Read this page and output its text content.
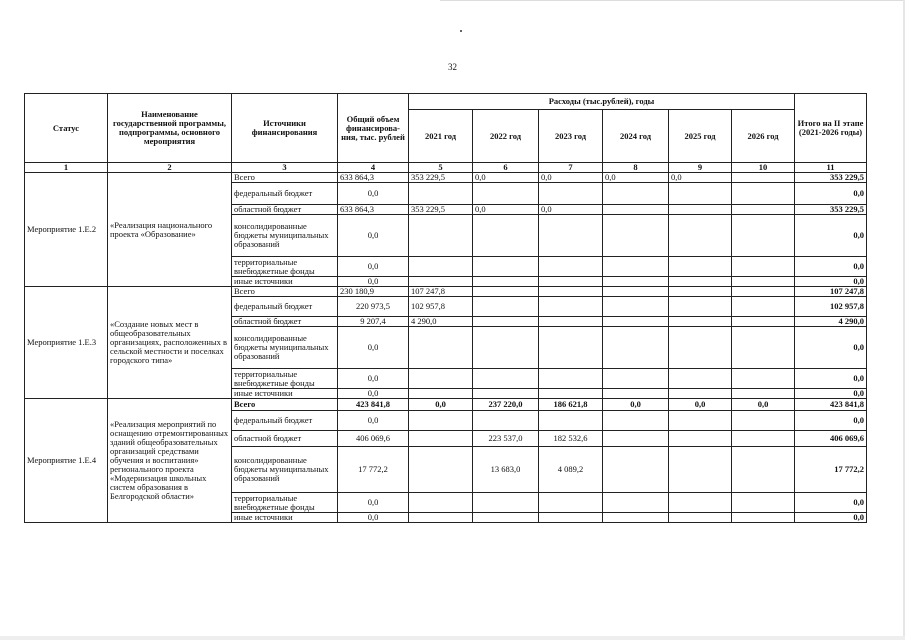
32
Статус	Наименование государственной программы, подпрограммы, основного мероприятия	Источники финансирования	Общий объем финансирова-ния, тыс. рублей	Расходы (тыс.рублей), годы						Итого на II этапе (2021-2026 годы)
				2021 год	2022 год	2023 год	2024 год	2025 год	2026 год	
1	2	3	4	5	6	7	8	9	10	11
Мероприятие 1.E.2	«Реализация национального проекта «Образование»	Всего	633 864,3	353 229,5	0,0	0,0	0,0	0,0		353 229,5
		федеральный бюджет	0,0							0,0
		областной бюджет	633 864,3	353 229,5	0,0	0,0				353 229,5
		консолидированные бюджеты муниципальных образований	0,0							0,0
		территориальные внебюджетные фонды	0,0							0,0
		иные источники	0,0							0,0
Мероприятие 1.E.3	«Создание новых мест в общеобразовательных организациях, расположенных в сельской местности и поселках городского типа»	Всего	230 180,9	107 247,8						107 247,8
		федеральный бюджет	220 973,5	102 957,8						102 957,8
		областной бюджет	9 207,4	4 290,0						4 290,0
		консолидированные бюджеты муниципальных образований	0,0							0,0
		территориальные внебюджетные фонды	0,0							0,0
		иные источники	0,0							0,0
Мероприятие 1.E.4	«Реализация мероприятий по оснащению отремонтированных зданий общеобразовательных организаций средствами обучения и воспитания» регионального проекта «Модернизация школьных систем образования в Белгородской области»	Всего	423 841,8	0,0	237 220,0	186 621,8	0,0	0,0	0,0	423 841,8
		федеральный бюджет	0,0							0,0
		областной бюджет	406 069,6		223 537,0	182 532,6				406 069,6
		консолидированные бюджеты муниципальных образований	17 772,2		13 683,0	4 089,2				17 772,2
		территориальные внебюджетные фонды	0,0							0,0
		иные источники	0,0							0,0
